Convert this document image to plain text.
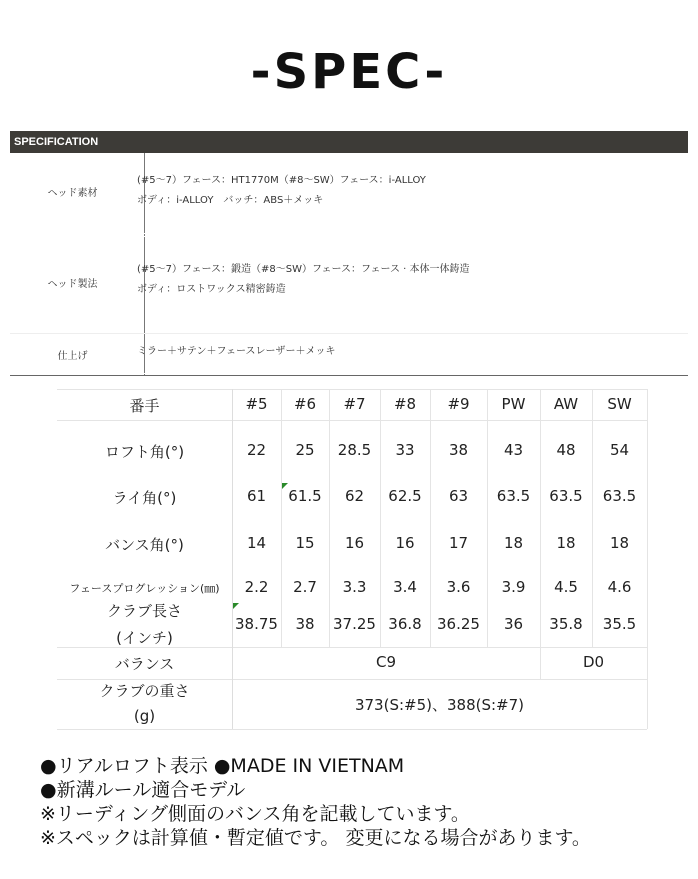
-SPEC-
SPECIFICATION
ヘッド素材
(#5～7）フェース：HT1770M（#8～SW）フェース：i-ALLOY
ボディ：i-ALLOY　バッチ：ABS＋メッキ
ヘッド製法
(#5～7）フェース：鍛造（#8～SW）フェース：フェース · 本体一体鋳造
ボディ：ロストワックス精密鋳造
仕上げ	ミラー＋サテン＋フェースレーザー＋メッキ
番手	#5	#6	#7	#8	#9	PW	AW	SW
ロフト角(°)	22	25	28.5	33	38	43	48	54
ライ角(°)	61	61.5	62	62.5	63	63.5	63.5	63.5
バンス角(°)	14	15	16	16	17	18	18	18
フェースプログレッション(㎜)	2.2	2.7	3.3	3.4	3.6	3.9	4.5	4.6
クラブ長さ
(インチ)
38.75	38	37.25 36.8	36.25	36	35.8	35.5
バランス	C9	D0
クラブの重さ
(g)
373(S:#5)、388(S:#7)
●リアルロフト表示 ●MADE IN VIETNAM
●新溝ルール適合モデル
※リーディング側面のバンス角を記載しています。
※スペックは計算値・暫定値です。 変更になる場合があります。
